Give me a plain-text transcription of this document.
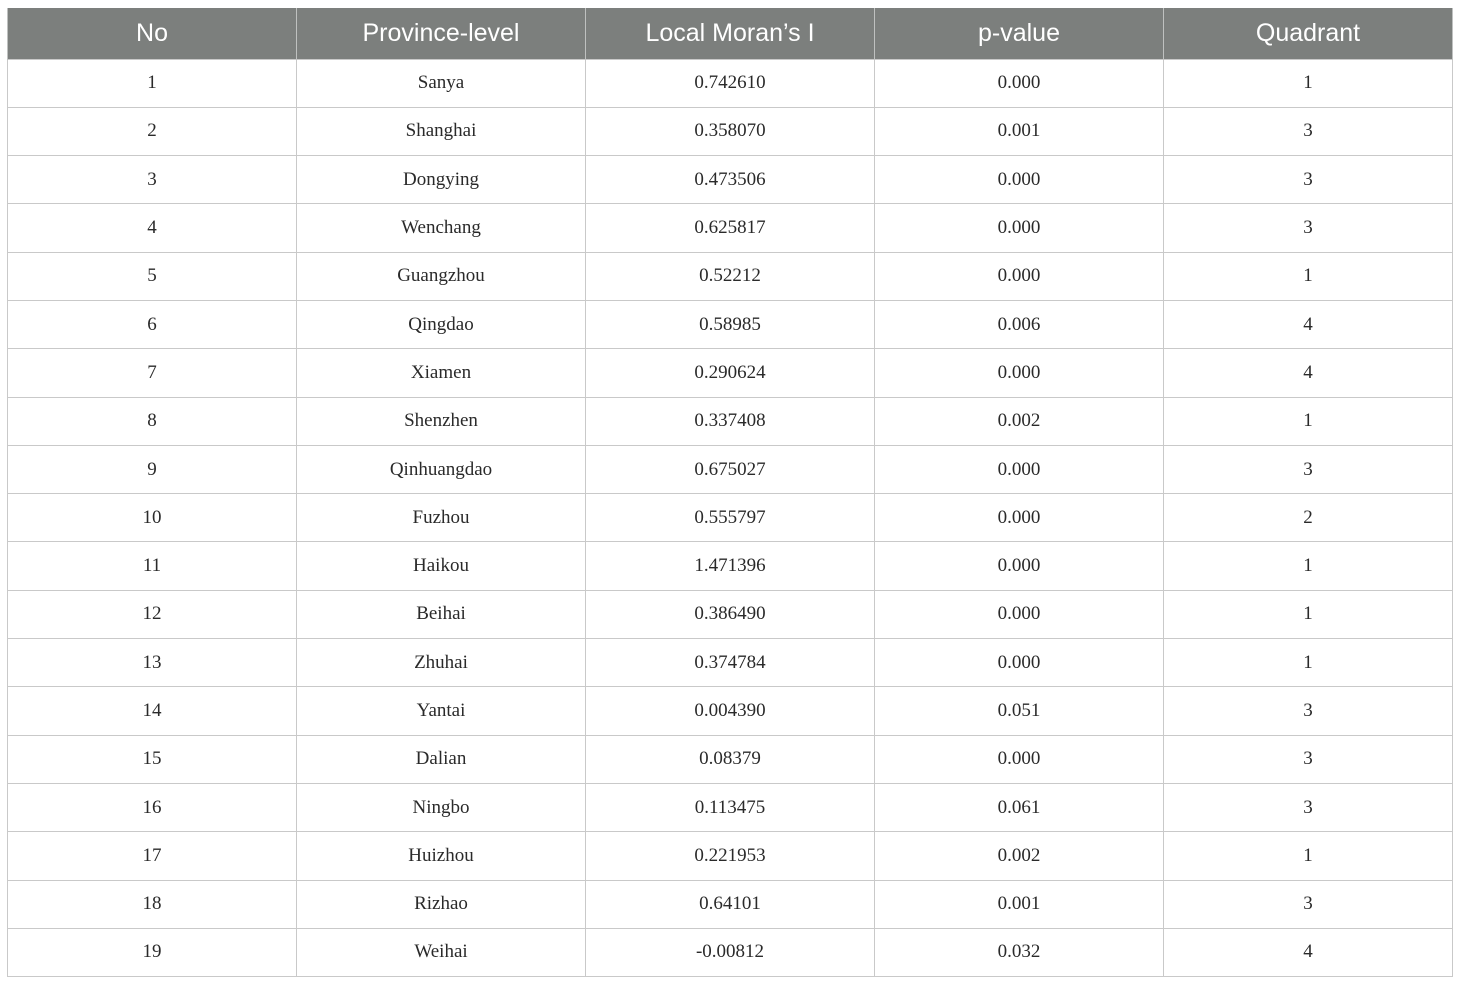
No	Province-level	Local Moran’s I	p-value	Quadrant
1	Sanya	0.742610	0.000	1
2	Shanghai	0.358070	0.001	3
3	Dongying	0.473506	0.000	3
4	Wenchang	0.625817	0.000	3
5	Guangzhou	0.52212	0.000	1
6	Qingdao	0.58985	0.006	4
7	Xiamen	0.290624	0.000	4
8	Shenzhen	0.337408	0.002	1
9	Qinhuangdao	0.675027	0.000	3
10	Fuzhou	0.555797	0.000	2
11	Haikou	1.471396	0.000	1
12	Beihai	0.386490	0.000	1
13	Zhuhai	0.374784	0.000	1
14	Yantai	0.004390	0.051	3
15	Dalian	0.08379	0.000	3
16	Ningbo	0.113475	0.061	3
17	Huizhou	0.221953	0.002	1
18	Rizhao	0.64101	0.001	3
19	Weihai	-0.00812	0.032	4
